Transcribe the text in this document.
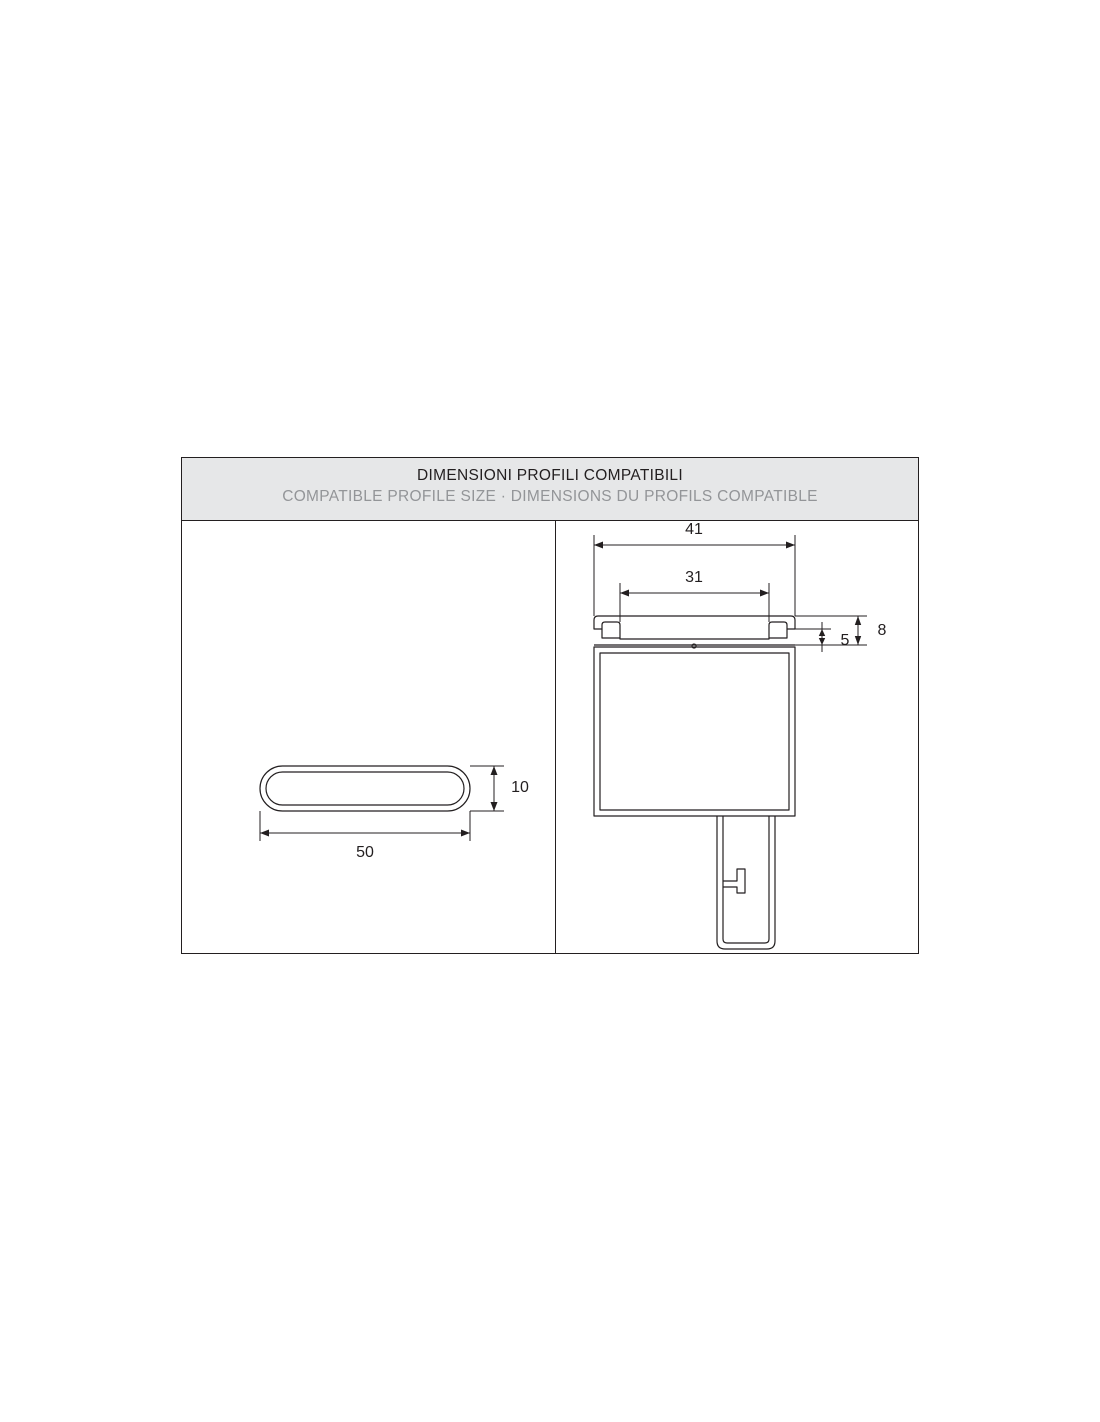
DIMENSIONI PROFILI COMPATIBILI
COMPATIBLE PROFILE SIZE · DIMENSIONS DU PROFILS COMPATIBLE
50
10
41
31
5
8
